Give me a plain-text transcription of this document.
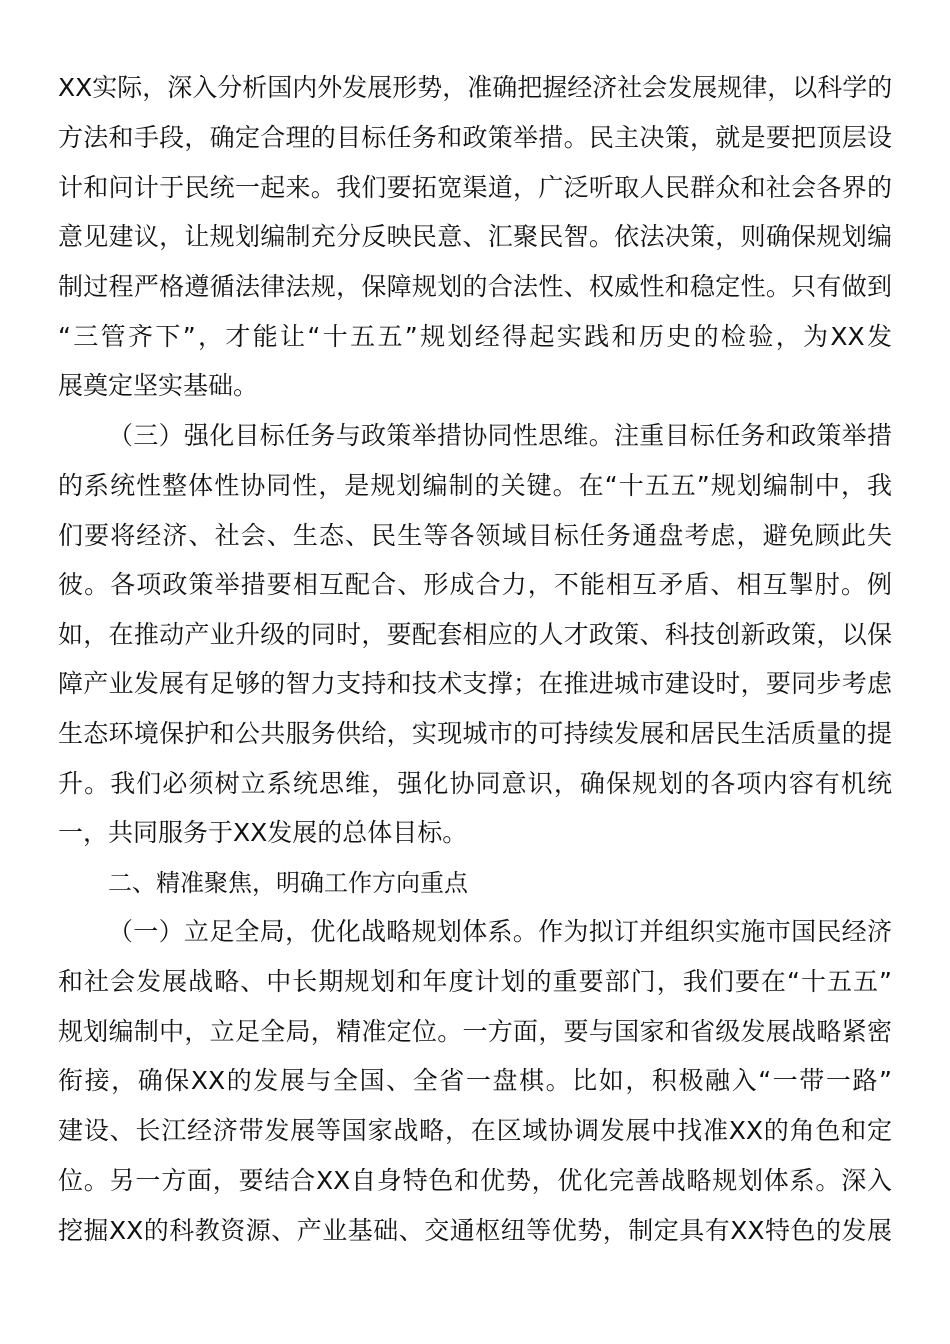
XX实际，深入分析国内外发展形势，准确把握经济社会发展规律，以科学的
方法和手段，确定合理的目标任务和政策举措。民主决策，就是要把顶层设
计和问计于民统一起来。我们要拓宽渠道，广泛听取人民群众和社会各界的
意见建议，让规划编制充分反映民意、汇聚民智。依法决策，则确保规划编
制过程严格遵循法律法规，保障规划的合法性、权威性和稳定性。只有做到
“三管齐下”，才能让“十五五”规划经得起实践和历史的检验，为XX发
展奠定坚实基础。
（三）强化目标任务与政策举措协同性思维。注重目标任务和政策举措
的系统性整体性协同性，是规划编制的关键。在“十五五”规划编制中，我
们要将经济、社会、生态、民生等各领域目标任务通盘考虑，避免顾此失
彼。各项政策举措要相互配合、形成合力，不能相互矛盾、相互掣肘。例
如，在推动产业升级的同时，要配套相应的人才政策、科技创新政策，以保
障产业发展有足够的智力支持和技术支撑；在推进城市建设时，要同步考虑
生态环境保护和公共服务供给，实现城市的可持续发展和居民生活质量的提
升。我们必须树立系统思维，强化协同意识，确保规划的各项内容有机统
一，共同服务于XX发展的总体目标。
二、精准聚焦，明确工作方向重点
（一）立足全局，优化战略规划体系。作为拟订并组织实施市国民经济
和社会发展战略、中长期规划和年度计划的重要部门，我们要在“十五五”
规划编制中，立足全局，精准定位。一方面，要与国家和省级发展战略紧密
衔接，确保XX的发展与全国、全省一盘棋。比如，积极融入“一带一路”
建设、长江经济带发展等国家战略，在区域协调发展中找准XX的角色和定
位。另一方面，要结合XX自身特色和优势，优化完善战略规划体系。深入
挖掘XX的科教资源、产业基础、交通枢纽等优势，制定具有XX特色的发展
